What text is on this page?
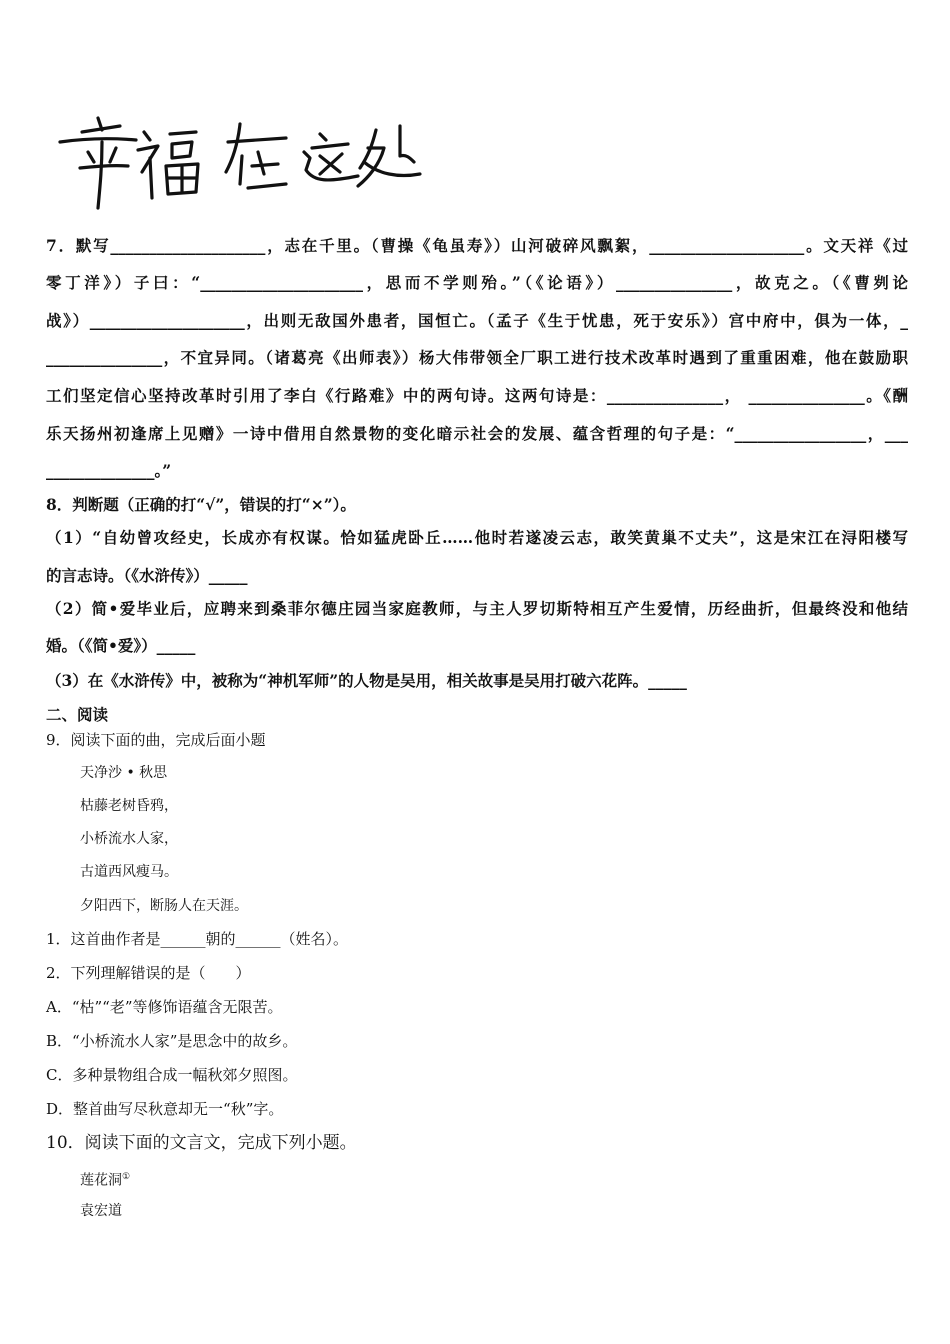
7．默写____________________，志在千里。（曹操《龟虽寿》）山河破碎风飘絮，____________________。文天祥《过
零丁洋》）子曰：“_____________________，思而不学则殆。”（《论语》）_______________，故克之。（《曹刿论
战》）____________________，出则无敌国外患者，国恒亡。（孟子《生于忧患，死于安乐》）宫中府中，俱为一体，_
_______________，不宜异同。（诸葛亮《出师表》）杨大伟带领全厂职工进行技术改革时遇到了重重困难，他在鼓励职
工们坚定信心坚持改革时引用了李白《行路难》中的两句诗。这两句诗是：_______________， _______________。《酬
乐天扬州初逢席上见赠》一诗中借用自然景物的变化暗示社会的发展、蕴含哲理的句子是：“_________________，___
______________。”
8．判断题（正确的打“√”，错误的打“×”）。
（1）“自幼曾攻经史，长成亦有权谋。恰如猛虎卧丘……他时若遂凌云志，敢笑黄巢不丈夫”，这是宋江在浔阳楼写
的言志诗。（《水浒传》）_____
（2）简•爱毕业后，应聘来到桑菲尔德庄园当家庭教师，与主人罗切斯特相互产生爱情，历经曲折，但最终没和他结
婚。（《简•爱》）_____
（3）在《水浒传》中，被称为“神机军师”的人物是吴用，相关故事是吴用打破六花阵。_____
二、阅读
9．阅读下面的曲，完成后面小题
天净沙 • 秋思
枯藤老树昏鸦，
小桥流水人家，
古道西风瘦马。
夕阳西下，断肠人在天涯。
1．这首曲作者是______朝的______（姓名）。
2．下列理解错误的是（　　）
A．“枯”“老”等修饰语蕴含无限苦。
B．“小桥流水人家”是思念中的故乡。
C．多种景物组合成一幅秋郊夕照图。
D．整首曲写尽秋意却无一“秋”字。
10．阅读下面的文言文，完成下列小题。
莲花洞①
袁宏道
